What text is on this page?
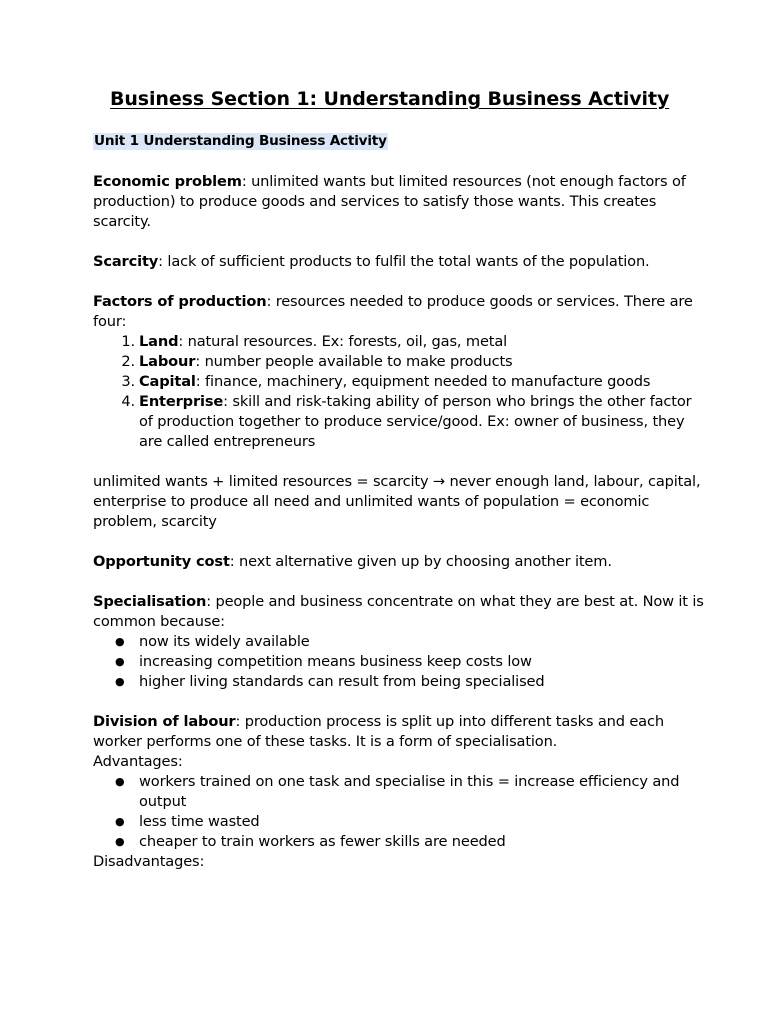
Business Section 1: Understanding Business Activity
Unit 1 Understanding Business Activity
Economic problem: unlimited wants but limited resources (not enough factors of production) to produce goods and services to satisfy those wants. This creates scarcity.
Scarcity: lack of sufficient products to fulfil the total wants of the population.
Factors of production: resources needed to produce goods or services. There are four:
1. Land: natural resources. Ex: forests, oil, gas, metal
2. Labour: number people available to make products
3. Capital: finance, machinery, equipment needed to manufacture goods
4. Enterprise: skill and risk-taking ability of person who brings the other factor of production together to produce service/good. Ex: owner of business, they are called entrepreneurs
unlimited wants + limited resources = scarcity → never enough land, labour, capital, enterprise to produce all need and unlimited wants of population = economic problem, scarcity
Opportunity cost: next alternative given up by choosing another item.
Specialisation: people and business concentrate on what they are best at. Now it is common because:
● now its widely available
● increasing competition means business keep costs low
● higher living standards can result from being specialised
Division of labour: production process is split up into different tasks and each worker performs one of these tasks. It is a form of specialisation.
Advantages:
● workers trained on one task and specialise in this = increase efficiency and output
● less time wasted
● cheaper to train workers as fewer skills are needed
Disadvantages:
